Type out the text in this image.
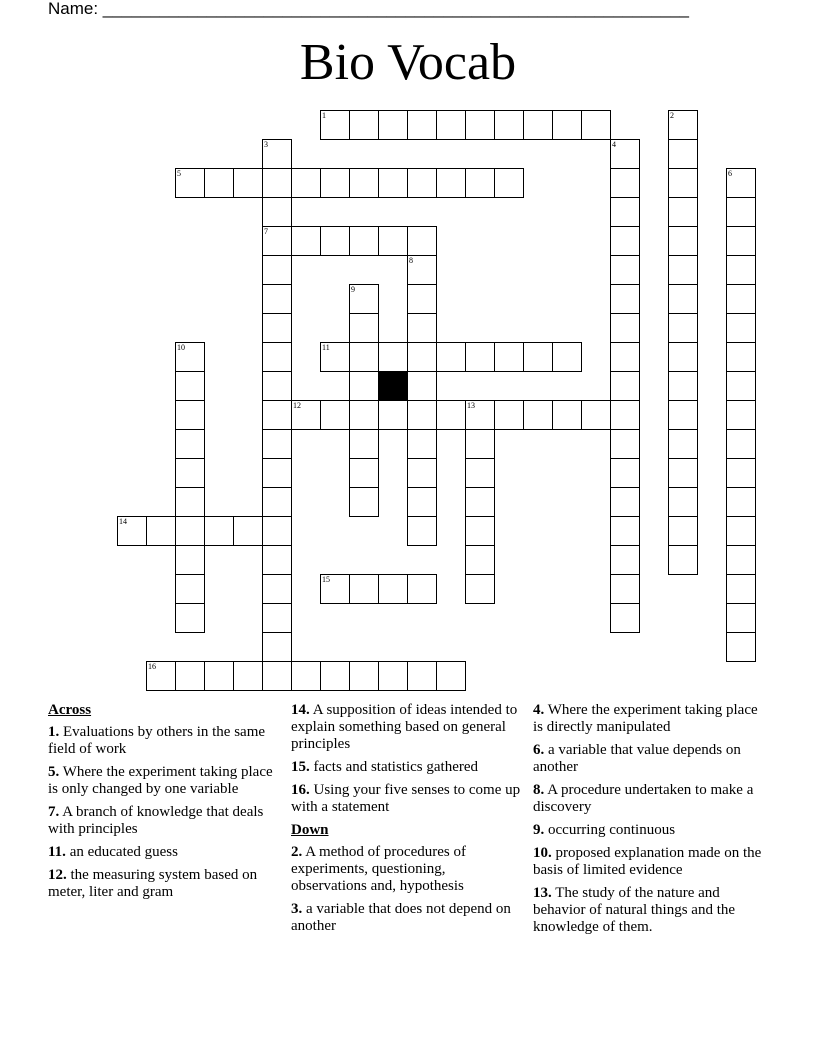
Name: ______________________________________________________________
Bio Vocab
1	2
3
7
4
5	6
8
9
10	11
12	13
14
15
16
Across
1. Evaluations by others in the same field of work
5. Where the experiment taking place is only changed by one variable
7. A branch of knowledge that deals with principles
11. an educated guess
12. the measuring system based on meter, liter and gram
14. A supposition of ideas intended to explain something based on general principles
15. facts and statistics gathered
16. Using your five senses to come up with a statement
Down
2. A method of procedures of experiments, questioning, observations and, hypothesis
3. a variable that does not depend on another
4. Where the experiment taking place is directly manipulated
6. a variable that value depends on another
8. A procedure undertaken to make a discovery
9. occurring continuous
10. proposed explanation made on the basis of limited evidence
13. The study of the nature and behavior of natural things and the knowledge of them.
